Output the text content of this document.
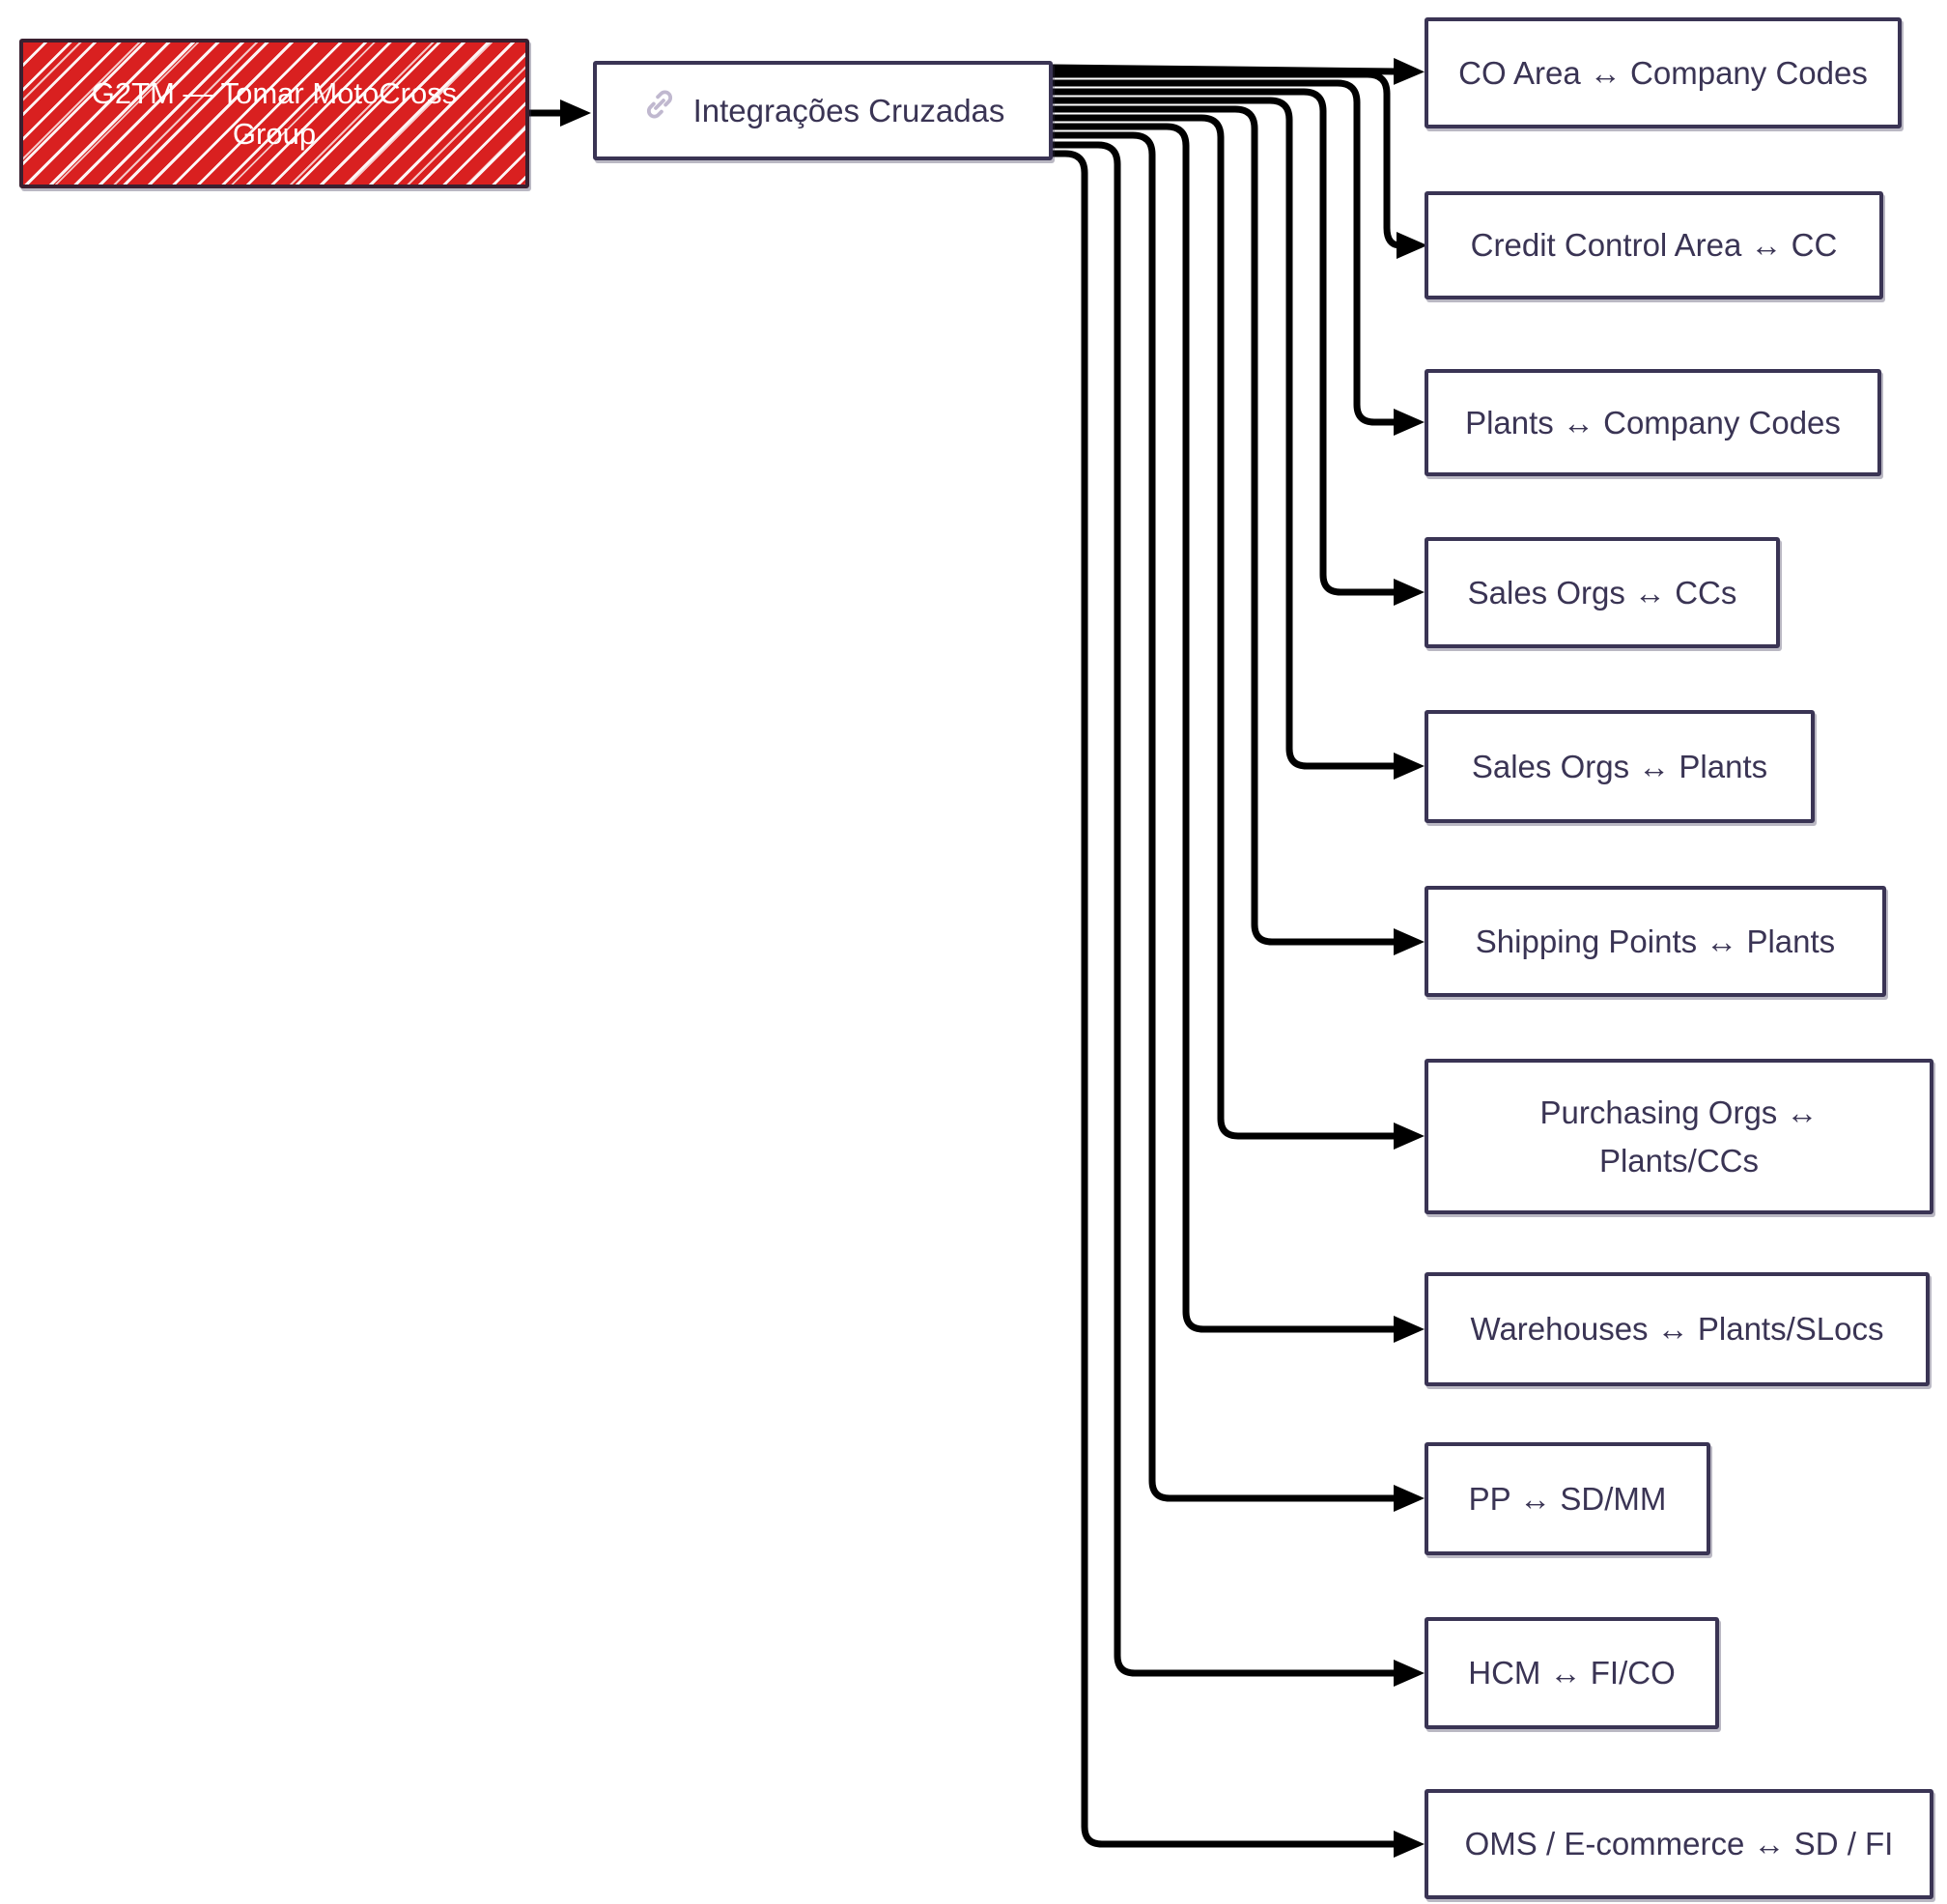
G2TM — Tomar MotoCross Group
Integrações Cruzadas
CO Area ↔ Company Codes
Credit Control Area ↔ CC
Plants ↔ Company Codes
Sales Orgs ↔ CCs
Sales Orgs ↔ Plants
Shipping Points ↔ Plants
Purchasing Orgs ↔ Plants/CCs
Warehouses ↔ Plants/SLocs
PP ↔ SD/MM
HCM ↔ FI/CO
OMS / E-commerce ↔ SD / FI
